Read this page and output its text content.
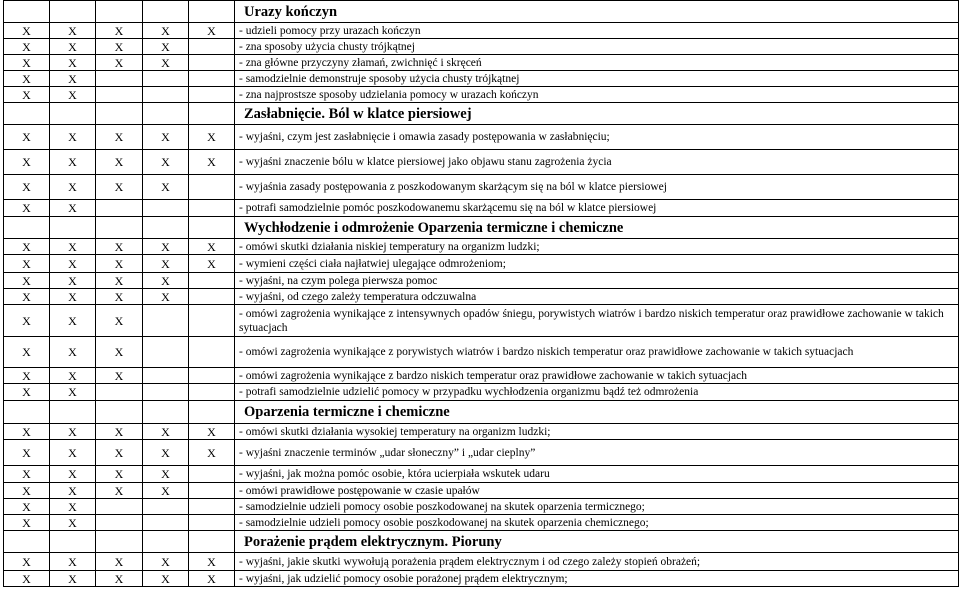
					Urazy kończyn
X	X	X	X	X	- udzieli pomocy przy urazach kończyn
X	X	X	X		- zna sposoby użycia chusty trójkątnej
X	X	X	X		- zna główne przyczyny złamań, zwichnięć i skręceń
X	X				- samodzielnie demonstruje sposoby użycia chusty trójkątnej
X	X				- zna najprostsze sposoby udzielania pomocy w urazach kończyn
					Zasłabnięcie. Ból w klatce piersiowej
X	X	X	X	X	- wyjaśni, czym jest zasłabnięcie i omawia zasady postępowania w zasłabnięciu;
X	X	X	X	X	- wyjaśni znaczenie bólu w klatce piersiowej jako objawu stanu zagrożenia życia
X	X	X	X		- wyjaśnia zasady postępowania z poszkodowanym skarżącym się na ból w klatce piersiowej
X	X				- potrafi samodzielnie pomóc poszkodowanemu skarżącemu się na ból w klatce piersiowej
					Wychłodzenie i odmrożenie Oparzenia termiczne i chemiczne
X	X	X	X	X	- omówi skutki działania niskiej temperatury na organizm ludzki;
X	X	X	X	X	- wymieni części ciała najłatwiej ulegające odmrożeniom;
X	X	X	X		- wyjaśni, na czym polega pierwsza pomoc
X	X	X	X		- wyjaśni, od czego zależy temperatura odczuwalna
X	X	X			- omówi zagrożenia wynikające z intensywnych opadów śniegu, porywistych wiatrów i bardzo niskich temperatur oraz prawidłowe zachowanie w takich sytuacjach
X	X	X			- omówi zagrożenia wynikające z porywistych wiatrów i bardzo niskich temperatur oraz prawidłowe zachowanie w takich sytuacjach
X	X	X			- omówi zagrożenia wynikające z bardzo niskich temperatur oraz prawidłowe zachowanie w takich sytuacjach
X	X				- potrafi samodzielnie udzielić pomocy w przypadku wychłodzenia organizmu bądź też odmrożenia
					Oparzenia termiczne i chemiczne
X	X	X	X	X	- omówi skutki działania wysokiej temperatury na organizm ludzki;
X	X	X	X	X	- wyjaśni znaczenie terminów „udar słoneczny” i „udar cieplny”
X	X	X	X		- wyjaśni, jak można pomóc osobie, która ucierpiała wskutek udaru
X	X	X	X		- omówi prawidłowe postępowanie w czasie upałów
X	X				- samodzielnie udzieli pomocy osobie poszkodowanej na skutek oparzenia termicznego;
X	X				- samodzielnie udzieli pomocy osobie poszkodowanej na skutek oparzenia chemicznego;
					Porażenie prądem elektrycznym. Pioruny
X	X	X	X	X	- wyjaśni, jakie skutki wywołują porażenia prądem elektrycznym i od czego zależy stopień obrażeń;
X	X	X	X	X	- wyjaśni, jak udzielić pomocy osobie porażonej prądem elektrycznym;
